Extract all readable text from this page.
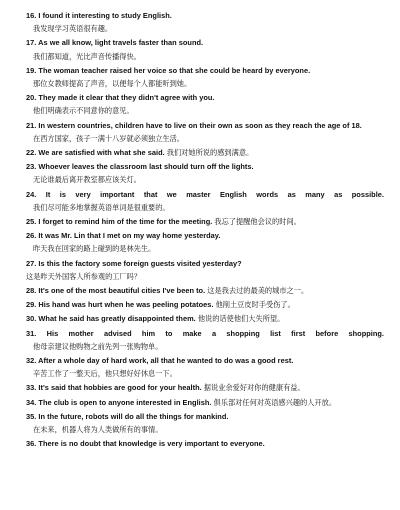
16. I found it interesting to study English.
我发现学习英语很有趣。
17. As we all know, light travels faster than sound.
我们都知道，光比声音传播得快。
19. The woman teacher raised her voice so that she could be heard by everyone.
那位女教师提高了声音，以便每个人都能听到她。
20. They made it clear that they didn't agree with you.
他们明确表示不同意你的意见。
21. In western countries, children have to live on their own as soon as they reach the age of 18.
在西方国家，孩子一满十八岁就必须独立生活。
22. We are satisfied with what she said. 我们对她所说的感到满意。
23. Whoever leaves the classroom last should turn off the lights.
无论谁最后离开教室都应该关灯。
24. It is very important that we master English words as many as possible.
我们尽可能多地掌握英语单词是很重要的。
25. I forget to remind him of the time for the meeting. 我忘了提醒他会议的时间。
26. It was Mr. Lin that I met on my way home yesterday.
昨天我在回家的路上碰到的是林先生。
27. Is this the factory some foreign guests visited yesterday?
这是昨天外国客人所参观的工厂吗？
28. It's one of the most beautiful cities I've been to. 这是我去过的最美的城市之一。
29. His hand was hurt when he was peeling potatoes. 他削土豆皮时手受伤了。
30. What he said has greatly disappointed them. 他说的话使他们大失所望。
31. His mother advised him to make a shopping list first before shopping.
他母亲建议他购物之前先列一张购物单。
32. After a whole day of hard work, all that he wanted to do was a good rest.
辛苦工作了一整天后，他只想好好休息一下。
33. It's said that hobbies are good for your health. 据说业余爱好对你的健康有益。
34. The club is open to anyone interested in English. 俱乐部对任何对英语感兴趣的人开放。
35. In the future, robots will do all the things for mankind.
在未来，机器人将为人类做所有的事情。
36. There is no doubt that knowledge is very important to everyone.
